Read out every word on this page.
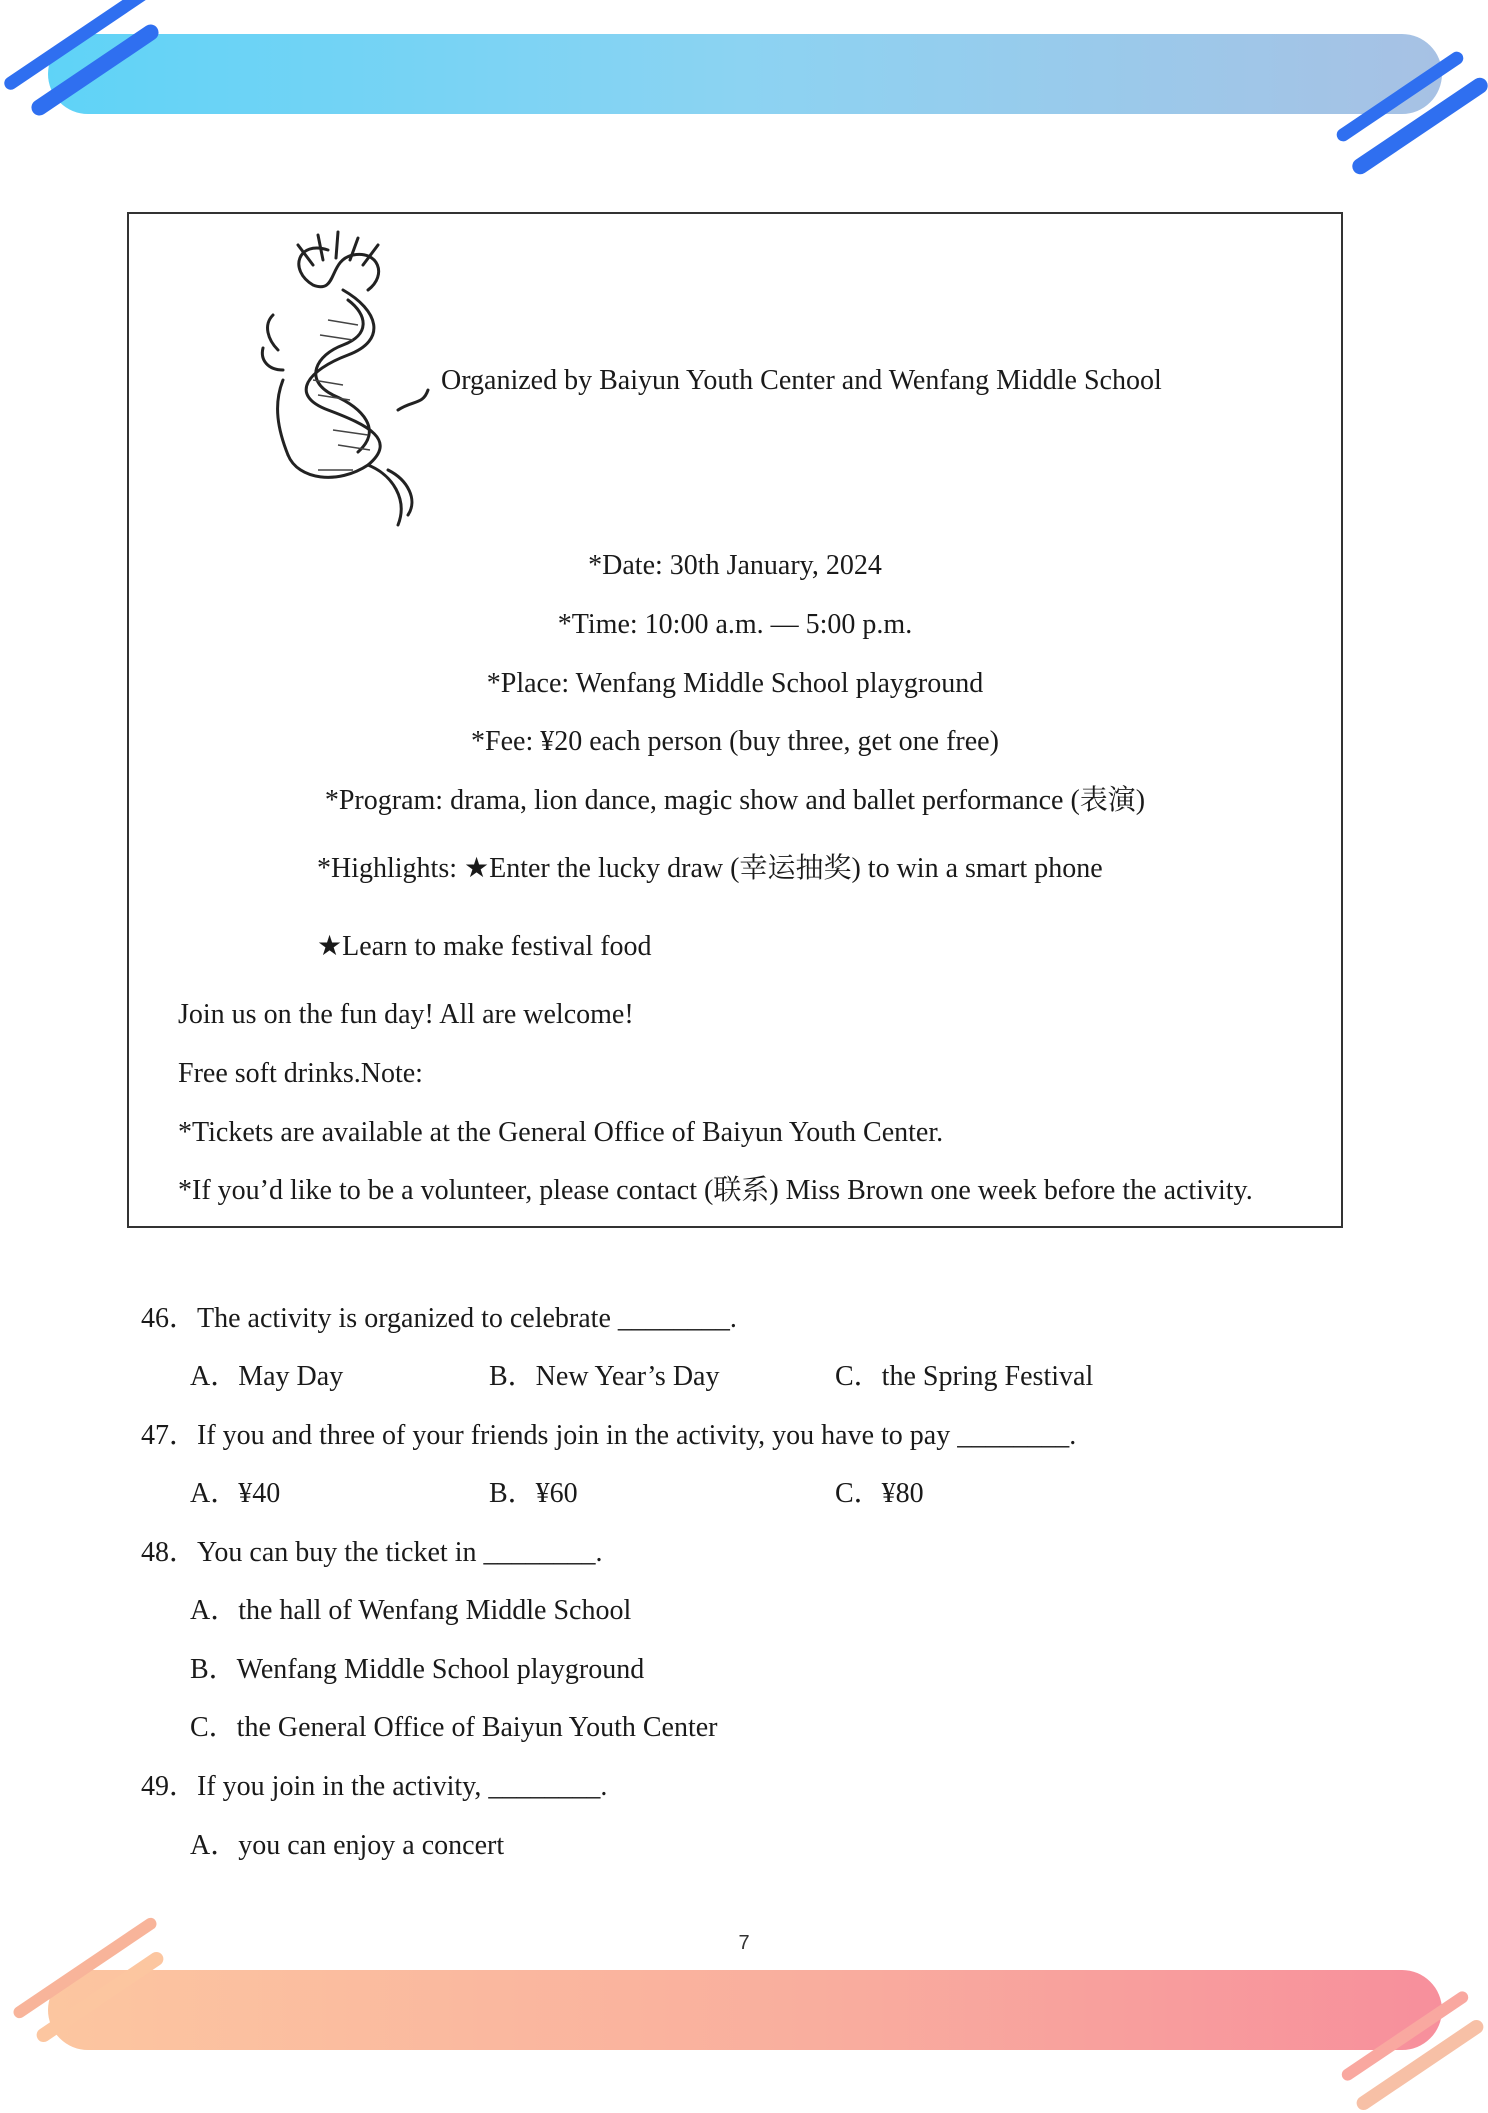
Organized by Baiyun Youth Center and Wenfang Middle School
*Date: 30th January, 2024
*Time: 10:00 a.m. — 5:00 p.m.
*Place: Wenfang Middle School playground
*Fee: ¥20 each person (buy three, get one free)
*Program: drama, lion dance, magic show and ballet performance (表演)
*Highlights: ★Enter the lucky draw (幸运抽奖) to win a smart phone
★Learn to make festival food
Join us on the fun day! All are welcome!
Free soft drinks.Note:
*Tickets are available at the General Office of Baiyun Youth Center.
*If you’d like to be a volunteer, please contact (联系) Miss Brown one week before the activity.
46．The activity is organized to celebrate ________.
A．May Day	B．New Year’s Day	C．the Spring Festival
47．If you and three of your friends join in the activity, you have to pay ________.
A．¥40	B．¥60	C．¥80
48．You can buy the ticket in ________.
A．the hall of Wenfang Middle School
B．Wenfang Middle School playground
C．the General Office of Baiyun Youth Center
49．If you join in the activity, ________.
A．you can enjoy a concert
7
